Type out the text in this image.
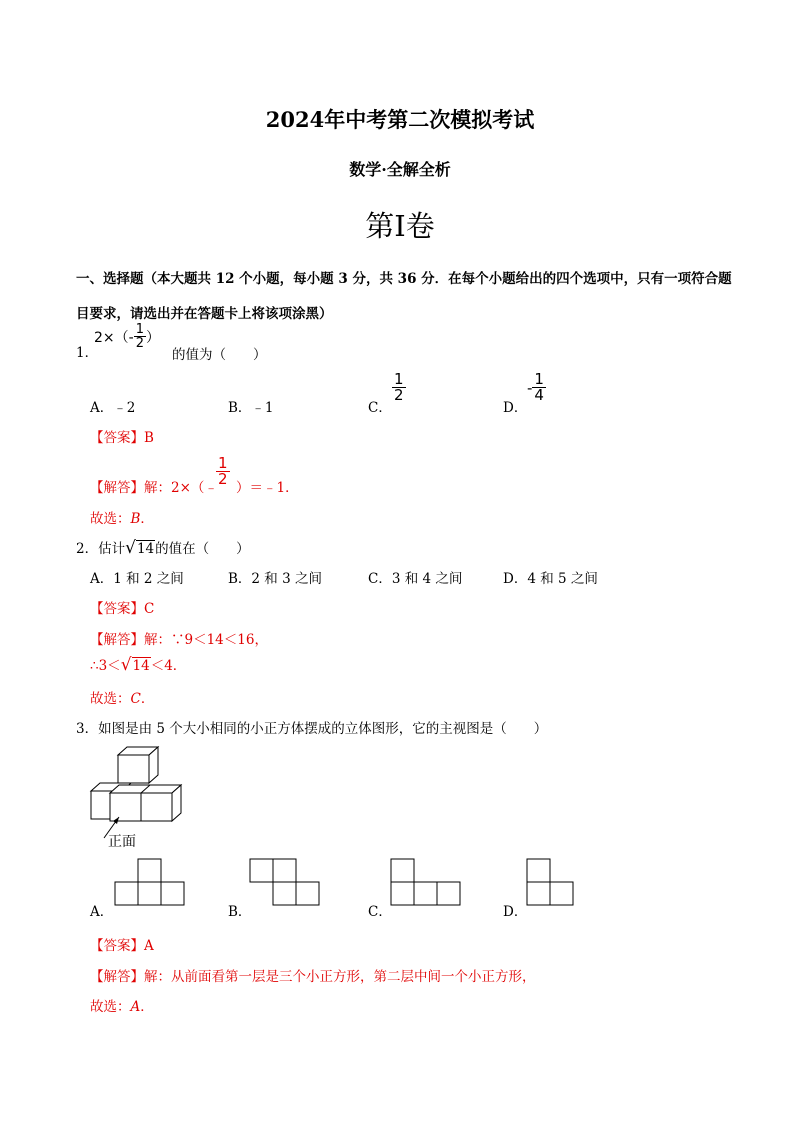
2024年中考第二次模拟考试
数学·全解全析
第I卷
一、选择题（本大题共 12 个小题，每小题 3 分，共 36 分．在每个小题给出的四个选项中，只有一项符合题目要求，请选出并在答题卡上将该项涂黑）
1．
$2\times(- \frac{1}{2}$ ）
的值为（　　）
A．﹣2	B．﹣1	C．
$\frac{1}{2}$
D．
- $\frac{1}{4}$
【答案】B
【解答】解：2×（﹣
$\frac{1}{2}$
）＝﹣1．
故选：B．
2． 估计 √ 14 的值在（　　）
A．1 和 2 之间	B．2 和 3 之间	C．3 和 4 之间	D．4 和 5 之间
【答案】C
【解答】解：∵9＜14＜16，
∴3＜ √ 14 ＜4．
故选：C．
3．如图是由 5 个大小相同的小正方体摆成的立体图形，它的主视图是（　　）
正面
A．	B．	C．	D．
【答案】A
【解答】解：从前面看第一层是三个小正方形，第二层中间一个小正方形，
故选：A．
